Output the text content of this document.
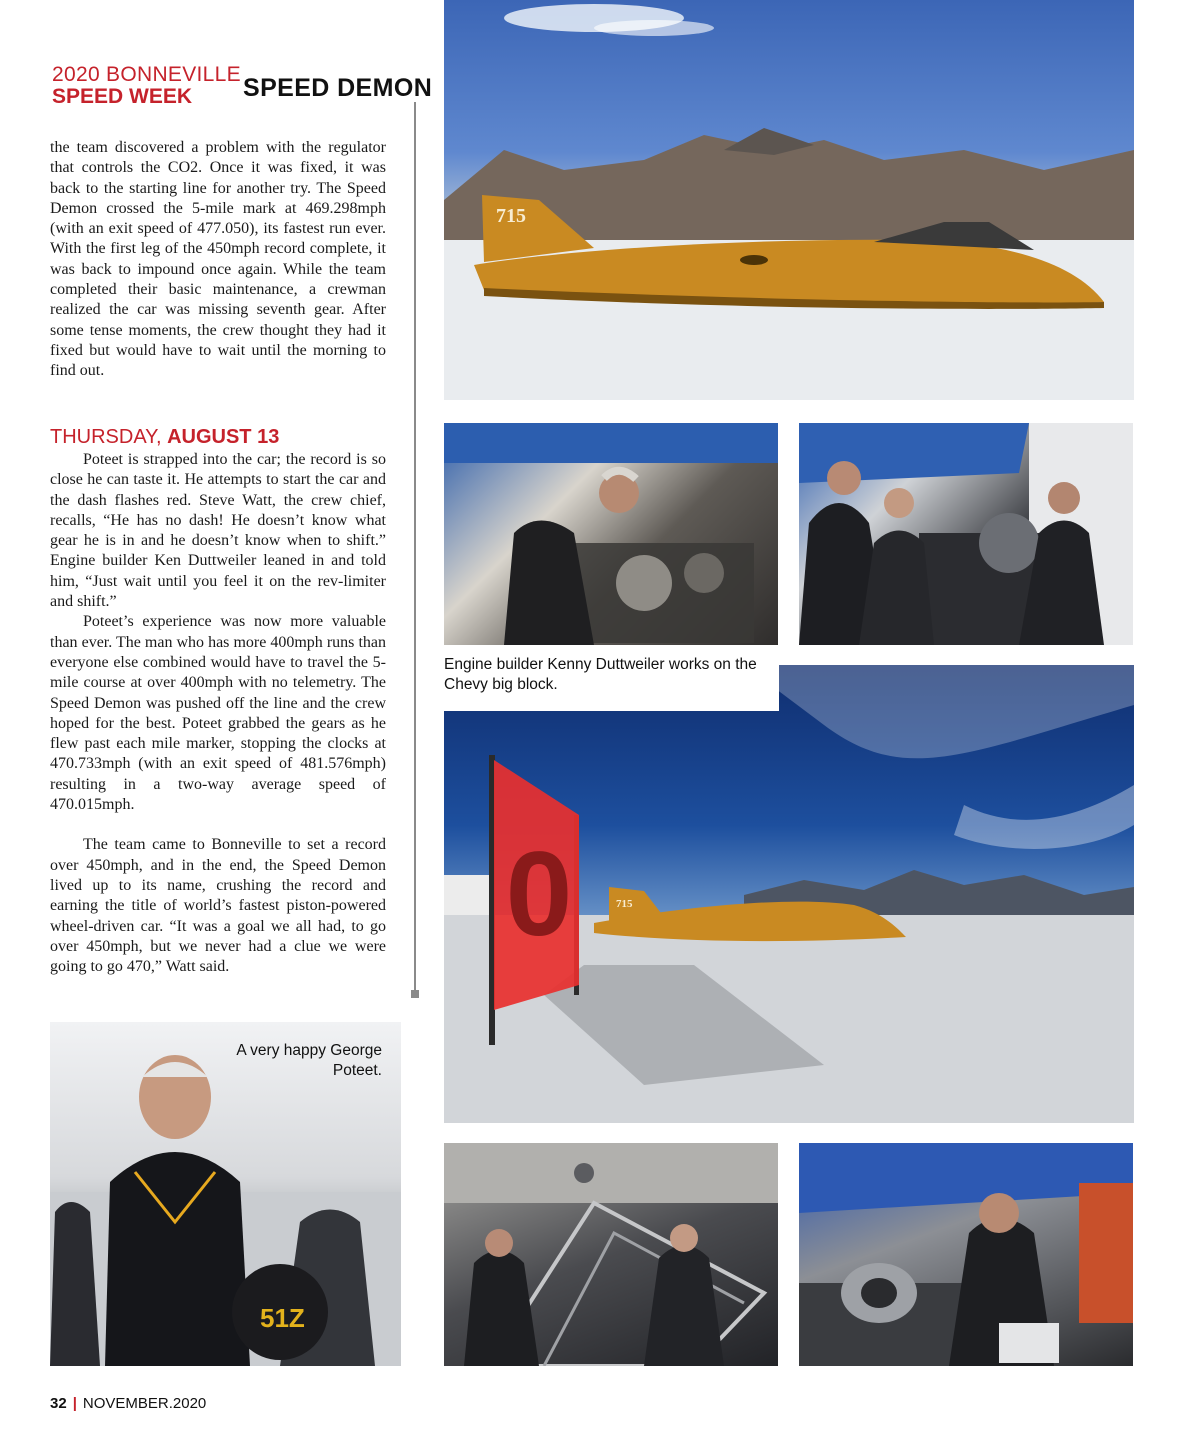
2020 BONNEVILLE
SPEED WEEK	SPEED DEMON

the team discovered a problem with the regulator that controls the CO2. Once it was fixed, it was back to the starting line for another try. The Speed Demon crossed the 5-mile mark at 469.298mph (with an exit speed of 477.050), its fastest run ever. With the first leg of the 450mph record complete, it was back to impound once again. While the team completed their basic maintenance, a crewman realized the car was missing seventh gear. After some tense moments, the crew thought they had it fixed but would have to wait until the morning to find out.

THURSDAY, AUGUST 13

Poteet is strapped into the car; the record is so close he can taste it. He attempts to start the car and the dash flashes red. Steve Watt, the crew chief, recalls, “He has no dash! He doesn’t know what gear he is in and he doesn’t know when to shift.” Engine builder Ken Duttweiler leaned in and told him, “Just wait until you feel it on the rev-limiter and shift.”

Poteet’s experience was now more valuable than ever. The man who has more 400mph runs than everyone else combined would have to travel the 5-mile course at over 400mph with no telemetry. The Speed Demon was pushed off the line and the crew hoped for the best. Poteet grabbed the gears as he flew past each mile marker, stopping the clocks at 470.733mph (with an exit speed of 481.576mph) resulting in a two-way average speed of 470.015mph.

The team came to Bonneville to set a record over 450mph, and in the end, the Speed Demon lived up to its name, crushing the record and earning the title of world’s fastest piston-powered wheel-driven car. “It was a goal we all had, to go over 450mph, but we never had a clue we were going to go 470,” Watt said.

715
715
0
Engine builder Kenny Duttweiler works on the Chevy big block.
51Z
A very happy George Poteet.
32 | NOVEMBER.2020
